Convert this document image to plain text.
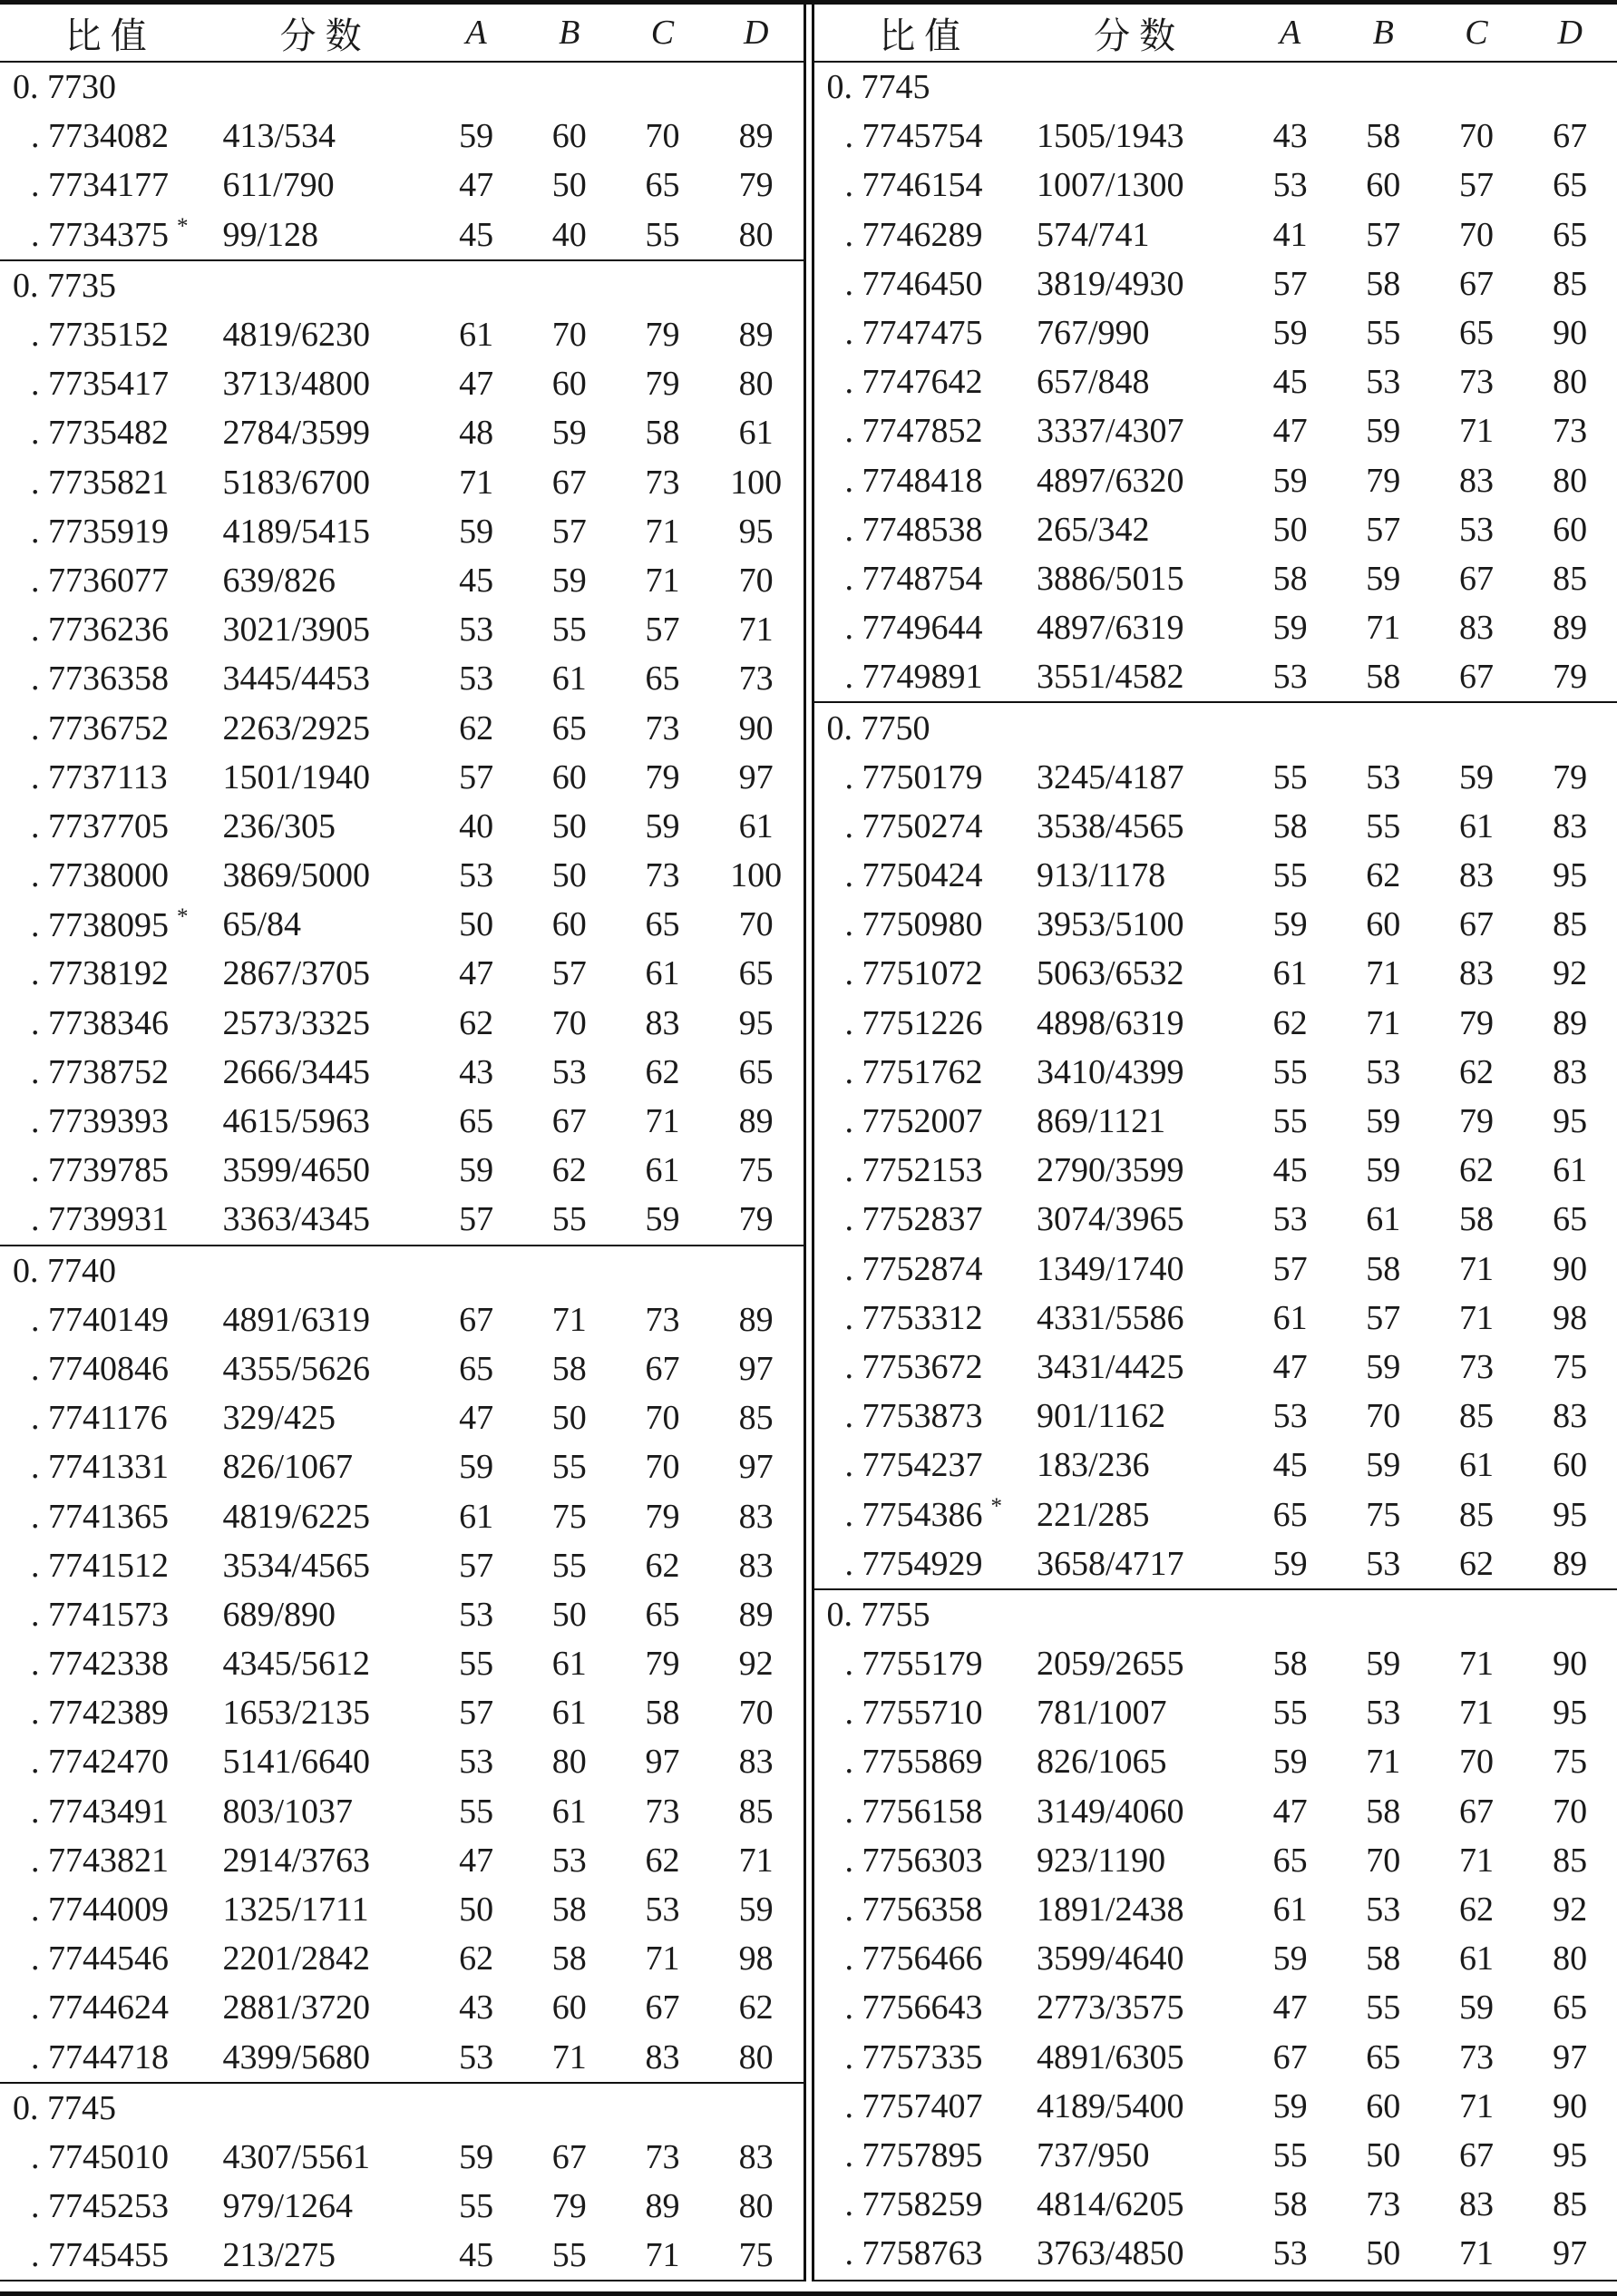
比值	分数	A	B	C	D
0. 7730
. 7734082	413/534	59	60	70	89
. 7734177	611/790	47	50	65	79
. 7734375 *	99/128	45	40	55	80
0. 7735
. 7735152	4819/6230	61	70	79	89
. 7735417	3713/4800	47	60	79	80
. 7735482	2784/3599	48	59	58	61
. 7735821	5183/6700	71	67	73	100
. 7735919	4189/5415	59	57	71	95
. 7736077	639/826	45	59	71	70
. 7736236	3021/3905	53	55	57	71
. 7736358	3445/4453	53	61	65	73
. 7736752	2263/2925	62	65	73	90
. 7737113	1501/1940	57	60	79	97
. 7737705	236/305	40	50	59	61
. 7738000	3869/5000	53	50	73	100
. 7738095 *	65/84	50	60	65	70
. 7738192	2867/3705	47	57	61	65
. 7738346	2573/3325	62	70	83	95
. 7738752	2666/3445	43	53	62	65
. 7739393	4615/5963	65	67	71	89
. 7739785	3599/4650	59	62	61	75
. 7739931	3363/4345	57	55	59	79
0. 7740
. 7740149	4891/6319	67	71	73	89
. 7740846	4355/5626	65	58	67	97
. 7741176	329/425	47	50	70	85
. 7741331	826/1067	59	55	70	97
. 7741365	4819/6225	61	75	79	83
. 7741512	3534/4565	57	55	62	83
. 7741573	689/890	53	50	65	89
. 7742338	4345/5612	55	61	79	92
. 7742389	1653/2135	57	61	58	70
. 7742470	5141/6640	53	80	97	83
. 7743491	803/1037	55	61	73	85
. 7743821	2914/3763	47	53	62	71
. 7744009	1325/1711	50	58	53	59
. 7744546	2201/2842	62	58	71	98
. 7744624	2881/3720	43	60	67	62
. 7744718	4399/5680	53	71	83	80
0. 7745
. 7745010	4307/5561	59	67	73	83
. 7745253	979/1264	55	79	89	80
. 7745455	213/275	45	55	71	75
比值	分数	A	B	C	D
0. 7745
. 7745754	1505/1943	43	58	70	67
. 7746154	1007/1300	53	60	57	65
. 7746289	574/741	41	57	70	65
. 7746450	3819/4930	57	58	67	85
. 7747475	767/990	59	55	65	90
. 7747642	657/848	45	53	73	80
. 7747852	3337/4307	47	59	71	73
. 7748418	4897/6320	59	79	83	80
. 7748538	265/342	50	57	53	60
. 7748754	3886/5015	58	59	67	85
. 7749644	4897/6319	59	71	83	89
. 7749891	3551/4582	53	58	67	79
0. 7750
. 7750179	3245/4187	55	53	59	79
. 7750274	3538/4565	58	55	61	83
. 7750424	913/1178	55	62	83	95
. 7750980	3953/5100	59	60	67	85
. 7751072	5063/6532	61	71	83	92
. 7751226	4898/6319	62	71	79	89
. 7751762	3410/4399	55	53	62	83
. 7752007	869/1121	55	59	79	95
. 7752153	2790/3599	45	59	62	61
. 7752837	3074/3965	53	61	58	65
. 7752874	1349/1740	57	58	71	90
. 7753312	4331/5586	61	57	71	98
. 7753672	3431/4425	47	59	73	75
. 7753873	901/1162	53	70	85	83
. 7754237	183/236	45	59	61	60
. 7754386 *	221/285	65	75	85	95
. 7754929	3658/4717	59	53	62	89
0. 7755
. 7755179	2059/2655	58	59	71	90
. 7755710	781/1007	55	53	71	95
. 7755869	826/1065	59	71	70	75
. 7756158	3149/4060	47	58	67	70
. 7756303	923/1190	65	70	71	85
. 7756358	1891/2438	61	53	62	92
. 7756466	3599/4640	59	58	61	80
. 7756643	2773/3575	47	55	59	65
. 7757335	4891/6305	67	65	73	97
. 7757407	4189/5400	59	60	71	90
. 7757895	737/950	55	50	67	95
. 7758259	4814/6205	58	73	83	85
. 7758763	3763/4850	53	50	71	97
